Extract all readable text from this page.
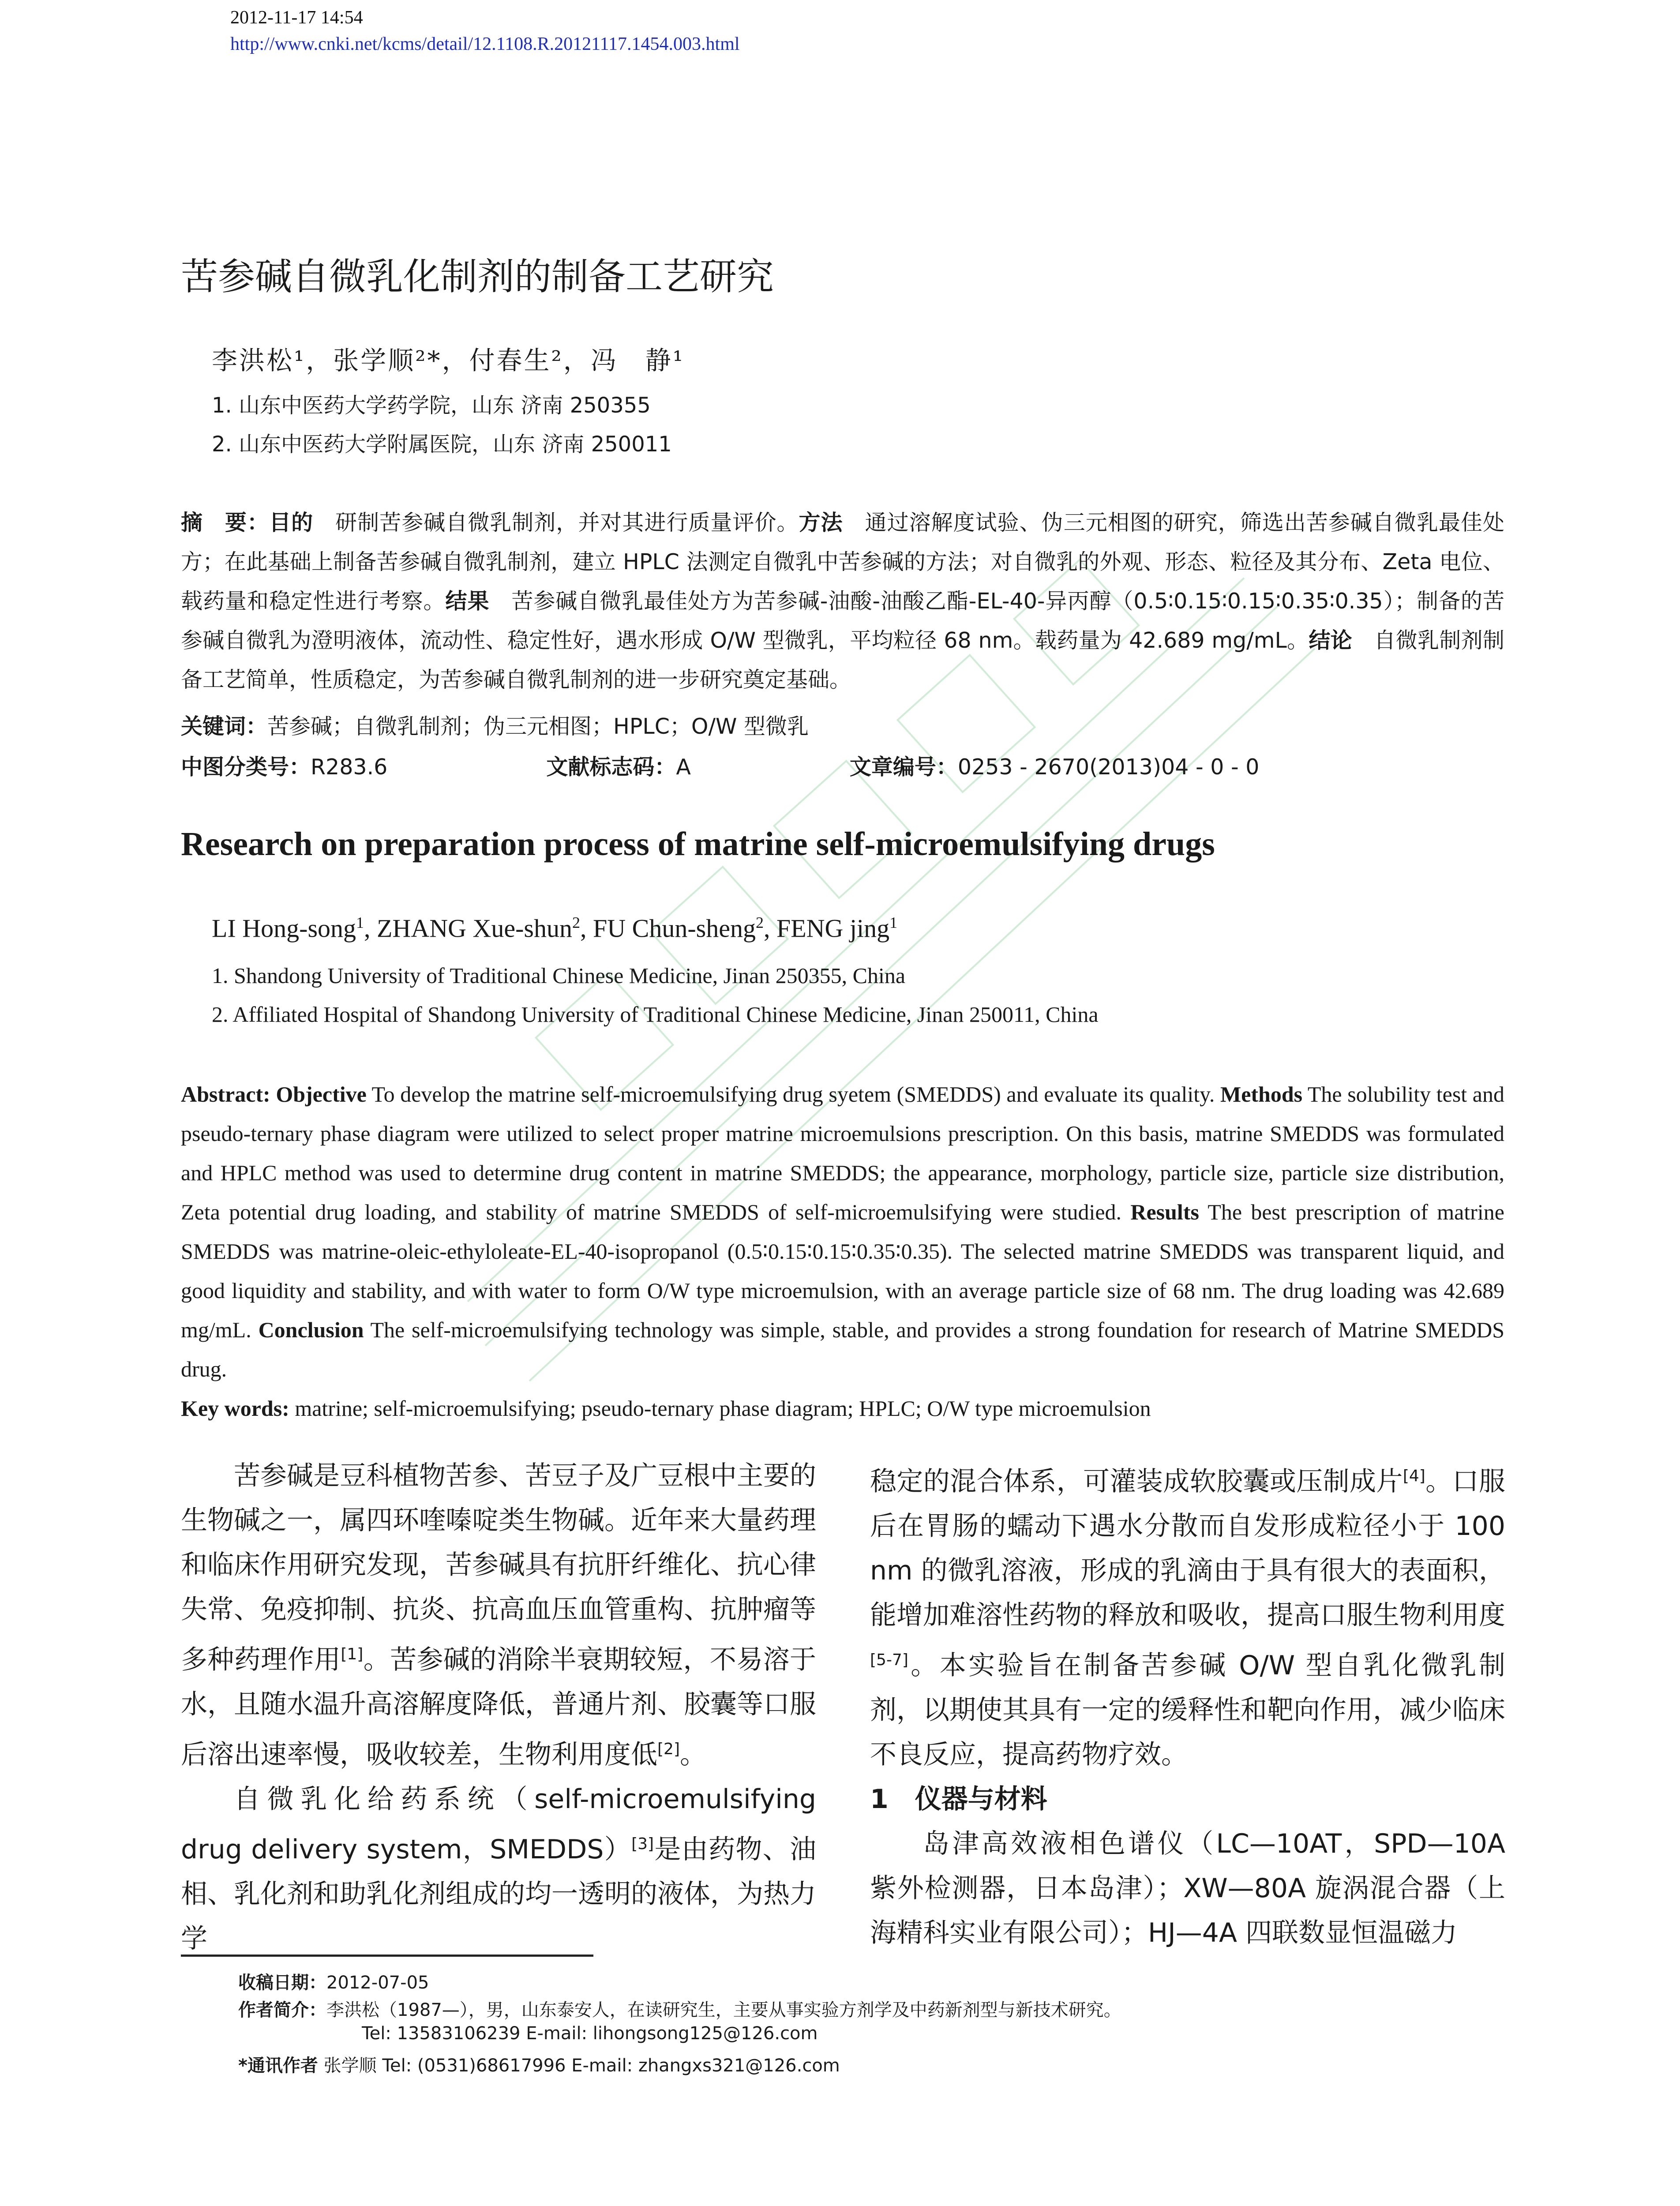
2012-11-17 14:54
http://www.cnki.net/kcms/detail/12.1108.R.20121117.1454.003.html
苦参碱自微乳化制剂的制备工艺研究
李洪松¹，张学顺²*，付春生²，冯　静¹
1. 山东中医药大学药学院，山东 济南 250355
2. 山东中医药大学附属医院，山东 济南 250011
摘　要：目的　研制苦参碱自微乳制剂，并对其进行质量评价。方法　通过溶解度试验、伪三元相图的研究，筛选出苦参碱自微乳最佳处方；在此基础上制备苦参碱自微乳制剂，建立 HPLC 法测定自微乳中苦参碱的方法；对自微乳的外观、形态、粒径及其分布、Zeta 电位、载药量和稳定性进行考察。结果　苦参碱自微乳最佳处方为苦参碱-油酸-油酸乙酯-EL-40-异丙醇（0.5∶0.15∶0.15∶0.35∶0.35）；制备的苦参碱自微乳为澄明液体，流动性、稳定性好，遇水形成 O/W 型微乳，平均粒径 68 nm。载药量为 42.689 mg/mL。结论　自微乳制剂制备工艺简单，性质稳定，为苦参碱自微乳制剂的进一步研究奠定基础。
关键词：苦参碱；自微乳制剂；伪三元相图；HPLC；O/W 型微乳
中图分类号：R283.6	文献标志码：A	文章编号：0253 - 2670(2013)04 - 0 - 0
Research on preparation process of matrine self-microemulsifying drugs
LI Hong-song$^1$, ZHANG Xue-shun$^2$, FU Chun-sheng$^2$, FENG jing$^1$
1. Shandong University of Traditional Chinese Medicine, Jinan 250355, China
2. Affiliated Hospital of Shandong University of Traditional Chinese Medicine, Jinan 250011, China
Abstract: Objective To develop the matrine self-microemulsifying drug syetem (SMEDDS) and evaluate its quality. Methods The solubility test and pseudo-ternary phase diagram were utilized to select proper matrine microemulsions prescription. On this basis, matrine SMEDDS was formulated and HPLC method was used to determine drug content in matrine SMEDDS; the appearance, morphology, particle size, particle size distribution, Zeta potential drug loading, and stability of matrine SMEDDS of self-microemulsifying were studied. Results The best prescription of matrine SMEDDS was matrine-oleic-ethyloleate-EL-40-isopropanol (0.5∶0.15∶0.15∶0.35∶0.35). The selected matrine SMEDDS was transparent liquid, and good liquidity and stability, and with water to form O/W type microemulsion, with an average particle size of 68 nm. The drug loading was 42.689 mg/mL. Conclusion The self-microemulsifying technology was simple, stable, and provides a strong foundation for research of Matrine SMEDDS drug.
Key words: matrine; self-microemulsifying; pseudo-ternary phase diagram; HPLC; O/W type microemulsion

苦参碱是豆科植物苦参、苦豆子及广豆根中主要的生物碱之一，属四环喹嗪啶类生物碱。近年来大量药理和临床作用研究发现，苦参碱具有抗肝纤维化、抗心律失常、免疫抑制、抗炎、抗高血压血管重构、抗肿瘤等多种药理作用[1]。苦参碱的消除半衰期较短，不易溶于水，且随水温升高溶解度降低，普通片剂、胶囊等口服后溶出速率慢，吸收较差，生物利用度低[2]。

自微乳化给药系统（self-microemulsifying drug delivery system，SMEDDS）[3]是由药物、油相、乳化剂和助乳化剂组成的均一透明的液体，为热力学

稳定的混合体系，可灌装成软胶囊或压制成片[4]。口服后在胃肠的蠕动下遇水分散而自发形成粒径小于 100 nm 的微乳溶液，形成的乳滴由于具有很大的表面积，能增加难溶性药物的释放和吸收，提高口服生物利用度[5-7]。本实验旨在制备苦参碱 O/W 型自乳化微乳制剂，以期使其具有一定的缓释性和靶向作用，减少临床不良反应，提高药物疗效。

1　仪器与材料

岛津高效液相色谱仪（LC—10AT，SPD—10A 紫外检测器，日本岛津）；XW—80A 旋涡混合器（上海精科实业有限公司）；HJ—4A 四联数显恒温磁力

收稿日期：2012-07-05
作者简介：李洪松（1987—），男，山东泰安人，在读研究生，主要从事实验方剂学及中药新剂型与新技术研究。
Tel: 13583106239 E-mail: lihongsong125@126.com
*通讯作者 张学顺 Tel: (0531)68617996 E-mail: zhangxs321@126.com
